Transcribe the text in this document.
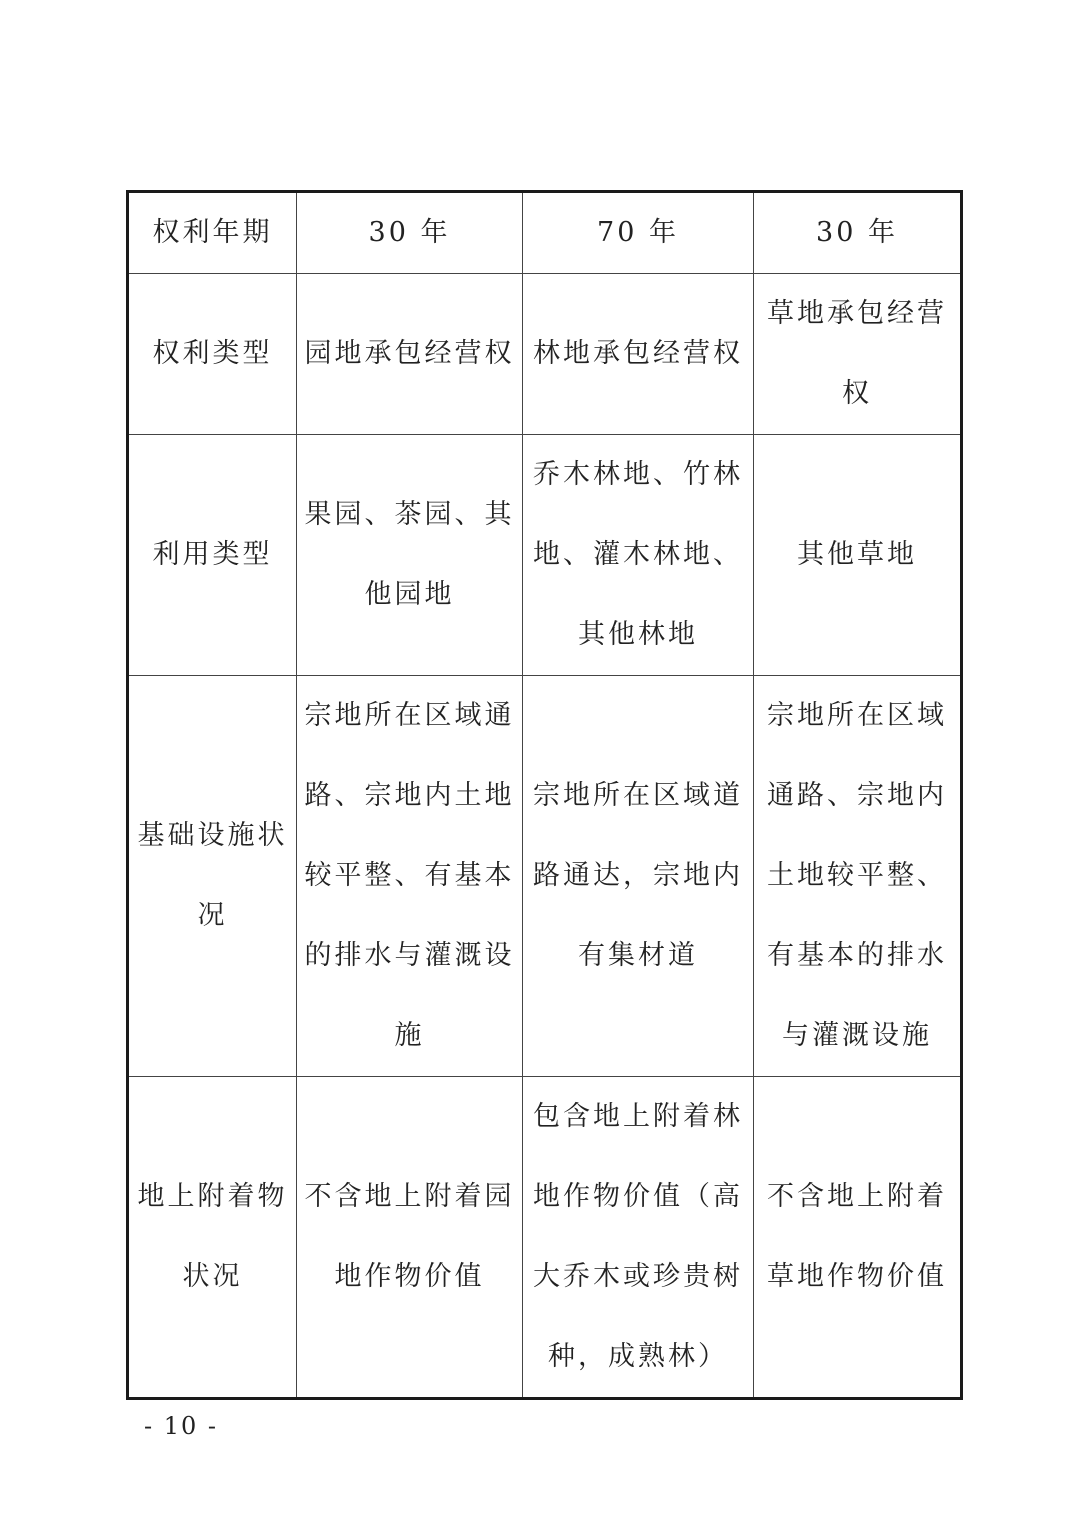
权利年期	30 年	70 年	30 年
权利类型	园地承包经营权	林地承包经营权	草地承包经营权
利用类型	果园、茶园、其他园地	乔木林地、竹林地、灌木林地、其他林地	其他草地
基础设施状况	宗地所在区域通路、宗地内土地较平整、有基本的排水与灌溉设施	宗地所在区域道路通达，宗地内有集材道	宗地所在区域通路、宗地内土地较平整、有基本的排水与灌溉设施
地上附着物状况	不含地上附着园地作物价值	包含地上附着林地作物价值（高大乔木或珍贵树种，成熟林）	不含地上附着草地作物价值
- 10 -
